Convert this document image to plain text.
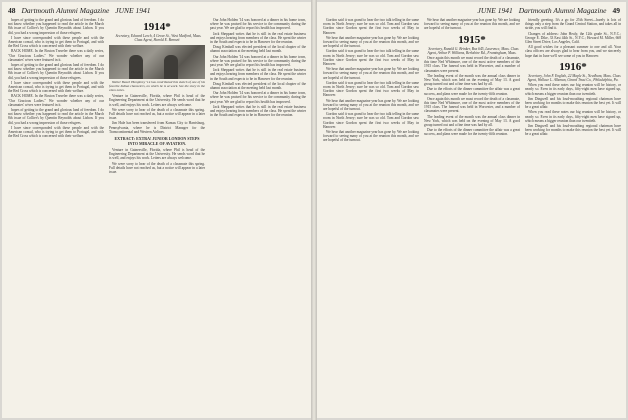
48 Dartmouth Alumni Magazine JUNE 1941

hopes of getting to the grand and glorious land of freedom. I do not know whether you happened to read the article in the March 8th issue of Collier's by Quentin Reynolds about Lisbon. If you did, you had a wrong impression of those refugees.

I have since corresponded with these people and with the American consul, who is trying to get them to Portugal, and with the Red Cross which is concerned with their welfare.

BACK HOME. In the Boston Traveler there was a daily series, "Our Gracious Ladies." We wonder whether any of our classmates' wives were featured in it.

hopes of getting to the grand and glorious land of freedom. I do not know whether you happened to read the article in the March 8th issue of Collier's by Quentin Reynolds about Lisbon. If you did, you had a wrong impression of those refugees.

I have since corresponded with these people and with the American consul, who is trying to get them to Portugal, and with the Red Cross which is concerned with their welfare.

BACK HOME. In the Boston Traveler there was a daily series, "Our Gracious Ladies." We wonder whether any of our classmates' wives were featured in it.

hopes of getting to the grand and glorious land of freedom. I do not know whether you happened to read the article in the March 8th issue of Collier's by Quentin Reynolds about Lisbon. If you did, you had a wrong impression of those refugees.

I have since corresponded with these people and with the American consul, who is trying to get them to Portugal, and with the Red Cross which is concerned with their welfare.

1914*

Secretary, Edward Leech, 4 Grove St., West Medford, Mass. Class Agent, Harold E. Bennett

Walter Beach Humphrey '14 has contributed this sketch of one of his favorite Indian characters, on which he is at work. See the story in the class notes.

Venture in Gainesville, Florida, where Phil is head of the Engineering Department at the University. He sends word that he is well, and enjoys his work. Letters are always welcome.

We were sorry to hear of the death of a classmate this spring. Full details have not reached us, but a notice will appear in a later issue.

Jim Hale has been transferred from Kansas City to Harrisburg, Pennsylvania, where he is District Manager for the Transcontinental and Western Airlines.

EXTRACT: EXTRA! JUNIOR LONDON STEPS INTO MIRACLE OF AVIATION.

Venture in Gainesville, Florida, where Phil is head of the Engineering Department at the University. He sends word that he is well, and enjoys his work. Letters are always welcome.

We were sorry to hear of the death of a classmate this spring. Full details have not reached us, but a notice will appear in a later issue.

Our John Holden '14 was honored at a dinner in his home town, where he was praised for his service to the community during the past year. We are glad to report his health has improved.

Jack Sheppard writes that he is still in the real estate business and enjoys hearing from members of the class. He spent the winter in the South and expects to be in Hanover for the reunion.

Doug Kimball was elected president of the local chapter of the alumni association at the meeting held last month.

Our John Holden '14 was honored at a dinner in his home town, where he was praised for his service to the community during the past year. We are glad to report his health has improved.

Jack Sheppard writes that he is still in the real estate business and enjoys hearing from members of the class. He spent the winter in the South and expects to be in Hanover for the reunion.

Doug Kimball was elected president of the local chapter of the alumni association at the meeting held last month.

Our John Holden '14 was honored at a dinner in his home town, where he was praised for his service to the community during the past year. We are glad to report his health has improved.

Jack Sheppard writes that he is still in the real estate business and enjoys hearing from members of the class. He spent the winter in the South and expects to be in Hanover for the reunion.

JUNE 1941 Dartmouth Alumni Magazine 49

Gordon said it was grand to hear the two talk telling in the same room in North Jersey; sure he was so old. Tom and Gordon saw Gordon since Gordon spent the first two weeks of May in Hanover.

We hear that another magazine year has gone by. We are looking forward to seeing many of you at the reunion this month, and we are hopeful of the turnout.

Gordon said it was grand to hear the two talk telling in the same room in North Jersey; sure he was so old. Tom and Gordon saw Gordon since Gordon spent the first two weeks of May in Hanover.

We hear that another magazine year has gone by. We are looking forward to seeing many of you at the reunion this month, and we are hopeful of the turnout.

Gordon said it was grand to hear the two talk telling in the same room in North Jersey; sure he was so old. Tom and Gordon saw Gordon since Gordon spent the first two weeks of May in Hanover.

We hear that another magazine year has gone by. We are looking forward to seeing many of you at the reunion this month, and we are hopeful of the turnout.

Gordon said it was grand to hear the two talk telling in the same room in North Jersey; sure he was so old. Tom and Gordon saw Gordon since Gordon spent the first two weeks of May in Hanover.

We hear that another magazine year has gone by. We are looking forward to seeing many of you at the reunion this month, and we are hopeful of the turnout.

We hear that another magazine year has gone by. We are looking forward to seeing many of you at the reunion this month, and we are hopeful of the turnout.

1915*

Secretary, Ronald G. Brinker, Box 645, Lawrence, Mass. Class Agent, Arthur P. Williams, Berkshire Rd., Framingham, Mass.

Once again this month we must record the death of a classmate, this time Ned Whitmore, one of the most active members of the 1915 class. The funeral was held in Worcester, and a number of classmates were present.

The leading event of the month was the annual class dinner in New York, which was held on the evening of May 13. A good group turned out and a fine time was had by all.

Due to the efforts of the dinner committee the affair was a great success, and plans were made for the twenty-fifth reunion.

Once again this month we must record the death of a classmate, this time Ned Whitmore, one of the most active members of the 1915 class. The funeral was held in Worcester, and a number of classmates were present.

The leading event of the month was the annual class dinner in New York, which was held on the evening of May 13. A good group turned out and a fine time was had by all.

Due to the efforts of the dinner committee the affair was a great success, and plans were made for the twenty-fifth reunion.

friendly greeting. It's a go for 25th Street—barely is lots of things only a step from the Grand Central Station, and takes all in stride, you will find it.

Changes of address: John Healy, the 12th grade St., N.Y.C.; George E. Dike, 33 East 44th St., N.Y.C.; Howard M. Miller, 668 Glen Street Drive, Los Angeles, Calif.

All good wishes for a pleasant summer to one and all. Your class officers are always glad to hear from you, and we sincerely hope that in June we'll see some of you in Hanover.

1916*

Secretary, John F. English, 22 Maple St., Needham, Mass. Class Agent, Wallace L. Allsman, Girard Trust Co., Philadelphia, Pa.

When you read these notes our big reunion will be history, or nearly so. Even in its early days, fifty-eight men have signed up, which means a bigger reunion than our twentieth.

Jim Dingwell and his loud-mouthing regional chairman have been working for months to make this reunion the best yet. It will be a great affair.

When you read these notes our big reunion will be history, or nearly so. Even in its early days, fifty-eight men have signed up, which means a bigger reunion than our twentieth.

Jim Dingwell and his loud-mouthing regional chairman have been working for months to make this reunion the best yet. It will be a great affair.
